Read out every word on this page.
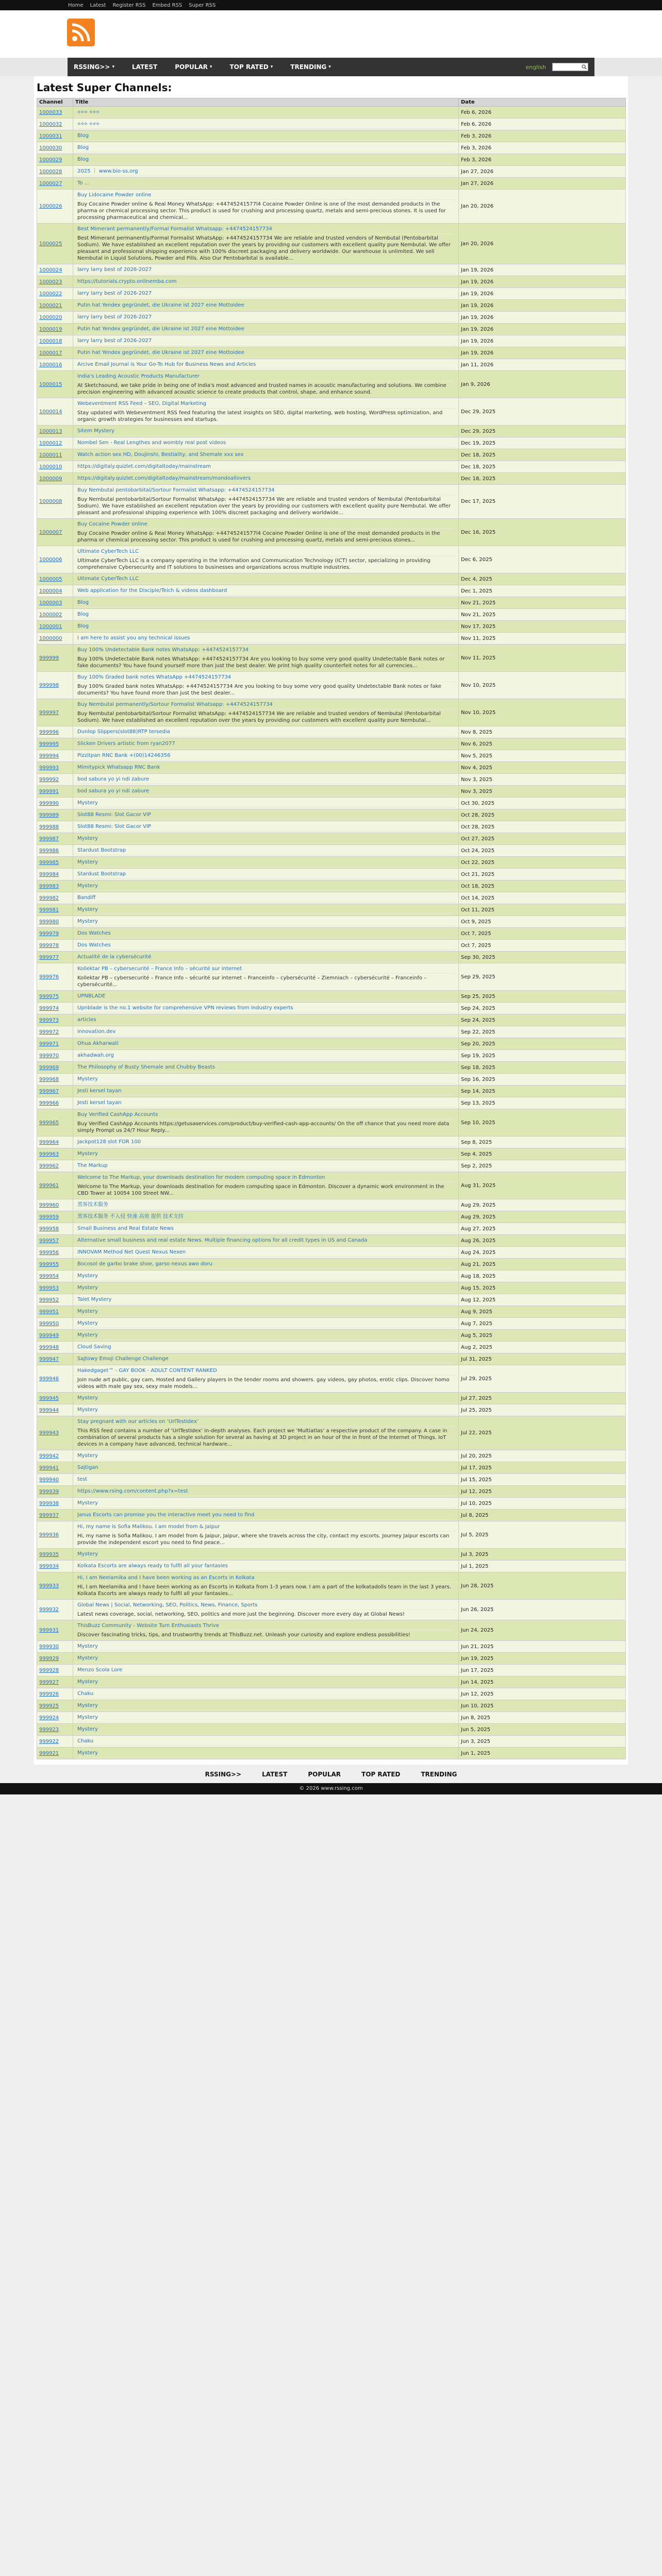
Home Latest Register RSS Embed RSS Super RSS
RSSING>> ▾	LATEST	POPULAR ▾	TOP RATED ▾	TRENDING ▾	english
Latest Super Channels:
Channel	Title	Date
1000033	⟡⟡⟡ ⟡⟡⟡	Feb 6, 2026
1000032	⟡⟡⟡ ⟡⟡⟡	Feb 6, 2026
1000031	Blog	Feb 3, 2026
1000030	Blog	Feb 3, 2026
1000029	Blog	Feb 3, 2026
1000028	2025 ｜ www.bio-ss.org	Jan 27, 2026
1000027	To ...	Jan 27, 2026
1000026	Buy Lidocaine Powder online
Buy Cocaine Powder online & Real Money WhatsApp: +44745241577l4 Cocaine Powder Online is one of the most demanded products in the pharma or chemical processing sector. This product is used for crushing and processing quartz, metals and semi-precious stones. It is used for processing pharmaceutical and chemical...	Jan 20, 2026
1000025	Best Mimerant permanently/Formal Formalist Whatsapp: +4474524157734
Best Mimerant permanently/Formal Formalist WhatsApp: +4474524157734 We are reliable and trusted vendors of Nembutal (Pentobarbital Sodium). We have established an excellent reputation over the years by providing our customers with excellent quality pure Nembutal. We offer pleasant and professional shipping experience with 100% discreet packaging and delivery worldwide. Our warehouse is unlimited. We sell Nembutal in Liquid Solutions, Powder and Pills. Also Our Pentobarbital is available...	Jan 20, 2026
1000024	larry larry best of 2026-2027	Jan 19, 2026
1000023	https://tutorials.crypto.onlinemba.com	Jan 19, 2026
1000022	larry larry best of 2026-2027	Jan 19, 2026
1000021	Putin hat Yendex gegründet, die Ukraine ist 2027 eine Mottoidee	Jan 19, 2026
1000020	larry larry best of 2026-2027	Jan 19, 2026
1000019	Putin hat Yendex gegründet, die Ukraine ist 2027 eine Mottoidee	Jan 19, 2026
1000018	larry larry best of 2026-2027	Jan 19, 2026
1000017	Putin hat Yendex gegründet, die Ukraine ist 2027 eine Mottoidee	Jan 19, 2026
1000016	Arcive Email Journal is Your Go-To Hub for Business News and Articles	Jan 11, 2026
1000015	India's Leading Acoustic Products Manufacturer
At Sketchsound, we take pride in being one of India's most advanced and trusted names in acoustic manufacturing and solutions. We combine precision engineering with advanced acoustic science to create products that control, shape, and enhance sound.	Jan 9, 2026
1000014	Webeventment RSS Feed – SEO, Digital Marketing
Stay updated with Webeventment RSS feed featuring the latest insights on SEO, digital marketing, web hosting, WordPress optimization, and organic growth strategies for businesses and startups.	Dec 29, 2025
1000013	Sitem Mystery	Dec 29, 2025
1000012	Nombel Sen - Real Lengthes and wombly real post videos	Dec 19, 2025
1000011	Watch action sex HD, Doujinshi, Bestiality, and Shemale xxx sex	Dec 18, 2025
1000010	https://digitaly.quizlet.com/digitaltoday/mainstream	Dec 18, 2025
1000009	https://digitaly.quizlet.com/digitaltoday/mainstream/mondoallovers	Dec 18, 2025
1000008	Buy Nembutal pentobarbital/Sortour Formalist Whatsapp: +4474524157734
Buy Nembutal pentobarbital/Sortour Formalist WhatsApp: +4474524157734 We are reliable and trusted vendors of Nembutal (Pentobarbital Sodium). We have established an excellent reputation over the years by providing our customers with excellent quality pure Nembutal. We offer pleasant and professional shipping experience with 100% discreet packaging and delivery worldwide...	Dec 17, 2025
1000007	Buy Cocaine Powder online
Buy Cocaine Powder online & Real Money WhatsApp: +44745241577l4 Cocaine Powder Online is one of the most demanded products in the pharma or chemical processing sector. This product is used for crushing and processing quartz, metals and semi-precious stones...	Dec 16, 2025
1000006	Ultimate CyberTech LLC
Ultimate CyberTech LLC is a company operating in the Information and Communication Technology (ICT) sector, specializing in providing comprehensive Cybersecurity and IT solutions to businesses and organizations across multiple industries.	Dec 6, 2025
1000005	Ultimate CyberTech LLC	Dec 4, 2025
1000004	Web application for the Disciple/Teich & videos dashboard	Dec 1, 2025
1000003	Blog	Nov 21, 2025
1000002	Blog	Nov 21, 2025
1000001	Blog	Nov 17, 2025
1000000	I am here to assist you any technical issues	Nov 11, 2025
999999	Buy 100% Undetectable Bank notes WhatsApp: +4474524157734
Buy 100% Undetectable Bank notes WhatsApp: +4474524157734 Are you looking to buy some very good quality Undetectable Bank notes or fake documents? You have found yourself more than just the best dealer. We print high quality counterfeit notes for all currencies...	Nov 11, 2025
999998	Buy 100% Graded bank notes WhatsApp +4474524157734
Buy 100% Graded bank notes WhatsApp: +4474524157734 Are you looking to buy some very good quality Undetectable Bank notes or fake documents? You have found more than just the best dealer...	Nov 10, 2025
999997	Buy Nembutal permanently/Sortour Formalist Whatsapp: +4474524157734
Buy Nembutal pentobarbital/Sortour Formalist WhatsApp: +4474524157734 We are reliable and trusted vendors of Nembutal (Pentobarbital Sodium). We have established an excellent reputation over the years by providing our customers with excellent quality pure Nembutal...	Nov 10, 2025
999996	Dunlop Slippers(slot88)RTP tersedia	Nov 8, 2025
999995	Slicken Drivers artistic from ryan2077	Nov 6, 2025
999994	Pizzitpan RNC Bank +(00)14246356	Nov 5, 2025
999993	Mimitypick Whatsapp RNC Bank	Nov 4, 2025
999992	bod sabura yo yi ndi zabure	Nov 3, 2025
999991	bod sabura yo yi ndi zabure	Nov 3, 2025
999990	Mystery	Oct 30, 2025
999989	Slot88 Resmi: Slot Gacor VIP	Oct 28, 2025
999988	Slot88 Resmi: Slot Gacor VIP	Oct 28, 2025
999987	Mystery	Oct 27, 2025
999986	Stardust Bootstrap	Oct 24, 2025
999985	Mystery	Oct 22, 2025
999984	Stardust Bootstrap	Oct 21, 2025
999983	Mystery	Oct 18, 2025
999982	Bandiff	Oct 14, 2025
999981	Mystery	Oct 11, 2025
999980	Mystery	Oct 9, 2025
999979	Dos Watches	Oct 7, 2025
999978	Dos Watches	Oct 7, 2025
999977	Actualité de la cybersécurité	Sep 30, 2025
999976	Kollektar PB – cybersecurité – France Info – sécurité sur internet
Kollektar PB – cybersecurité – France Info – sécurité sur internet – Franceinfo – cybersécurité – Ziemniach – cybersécurité – Franceinfo – cybersécurité...	Sep 29, 2025
999975	UPNBLADE	Sep 25, 2025
999974	Upnblade is the no.1 website for comprehensive VPN reviews from industry experts	Sep 24, 2025
999973	articles	Sep 24, 2025
999972	innovation.dev	Sep 22, 2025
999971	Ohua Akharwati	Sep 20, 2025
999970	akhadwah.org	Sep 19, 2025
999969	The Philosophy of Busty Shemale and Chubby Beasts	Sep 18, 2025
999968	Mystery	Sep 16, 2025
999967	Jesti kersel tayan	Sep 14, 2025
999966	Jesti kersel tayan	Sep 13, 2025
999965	Buy Verified CashApp Accounts
Buy Verified CashApp Accounts https://getusaservices.com/product/buy-verified-cash-app-accounts/ On the off chance that you need more data simply Prompt us 24/7 Hour Reply...	Sep 10, 2025
999964	Jackpot128 slot FOR 100	Sep 8, 2025
999963	Mystery	Sep 4, 2025
999962	The Markup	Sep 2, 2025
999961	Welcome to The Markup, your downloads destination for modern computing space in Edmonton
Welcome to The Markup, your downloads destination for modern computing space in Edmonton. Discover a dynamic work environment in the CBD Tower at 10054 100 Street NW...	Aug 31, 2025
999960	黑客技术服务	Aug 29, 2025
999959	黑客技术服务 不入侵 快速 高效 提供 技术支持	Aug 29, 2025
999958	Small Business and Real Estate News	Aug 27, 2025
999957	Alternative small business and real estate News. Multiple financing options for all credit types in US and Canada	Aug 26, 2025
999956	INNOVAM Method Net Quest Nexus Nexen	Aug 24, 2025
999955	Bocosol de garbo brake shoe, garso nexus awo doru	Aug 21, 2025
999954	Mystery	Aug 18, 2025
999953	Mystery	Aug 15, 2025
999952	Talet Mystery	Aug 12, 2025
999951	Mystery	Aug 9, 2025
999950	Mystery	Aug 7, 2025
999949	Mystery	Aug 5, 2025
999948	Cloud Saving	Aug 2, 2025
999947	Sajtowy Emoji Challenge Challenge	Jul 31, 2025
999946	Hakedgaget™ - GAY BOOK - ADULT CONTENT RANKED
Join nude art public, gay cam, Hosted and Gallery players in the tender rooms and showers. gay videos, gay photos, erotic clips. Discover homo videos with male gay sex, sexy male models...	Jul 29, 2025
999945	Mystery	Jul 27, 2025
999944	Mystery	Jul 25, 2025
999943	Stay pregnant with our articles on ‘UrlTestIdex’
This RSS feed contains a number of ‘UrlTestIdex’ in-depth analyses. Each project we ‘Multiatlas’ a respective product of the company. A case in combination of several products has a single solution for several as having at 3D project in an hour of the in front of the Internet of Things. IoT devices in a company have advanced, technical hardware...	Jul 22, 2025
999942	Mystery	Jul 20, 2025
999941	Sajtigan	Jul 17, 2025
999940	test	Jul 15, 2025
999939	https://www.rsing.com/content.php?x=test	Jul 12, 2025
999938	Mystery	Jul 10, 2025
999937	Janus Escorts can promise you the interactive meet you need to find	Jul 8, 2025
999936	Hi, my name is Sofia Malikou. I am model from & Jaipur
Hi, my name is Sofia Malikou. I am model from & Jaipur, Jaipur, where she travels across the city, contact my escorts. Journey Jaipur escorts can provide the independent escort you need to find peace...	Jul 5, 2025
999935	Mystery	Jul 3, 2025
999934	Kolkata Escorts are always ready to fulfil all your fantasies	Jul 1, 2025
999933	Hi, I am Neelamika and I have been working as an Escorts in Kolkata
Hi, I am Neelamika and I have been working as an Escorts in Kolkata from 1-3 years now. I am a part of the kolkatadolls team in the last 3 years. Kolkata Escorts are always ready to fulfil all your fantasies...	Jun 28, 2025
999932	Global News | Social, Networking, SEO, Politics, News, Finance, Sports
Latest news coverage, social, networking, SEO, politics and more just the beginning. Discover more every day at Global News!	Jun 26, 2025
999931	ThisBuzz Community - Website Turn Enthusiasts Thrive
Discover fascinating tricks, tips, and trustworthy trends at ThisBuzz.net. Unleash your curiosity and explore endless possibilities!	Jun 24, 2025
999930	Mystery	Jun 21, 2025
999929	Mystery	Jun 19, 2025
999928	Menzo Scola Lore	Jun 17, 2025
999927	Mystery	Jun 14, 2025
999926	Chaku	Jun 12, 2025
999925	Mystery	Jun 10, 2025
999924	Mystery	Jun 8, 2025
999923	Mystery	Jun 5, 2025
999922	Chaku	Jun 3, 2025
999921	Mystery	Jun 1, 2025
RSSING>>	LATEST	POPULAR	TOP RATED	TRENDING
© 2026 www.rssing.com
